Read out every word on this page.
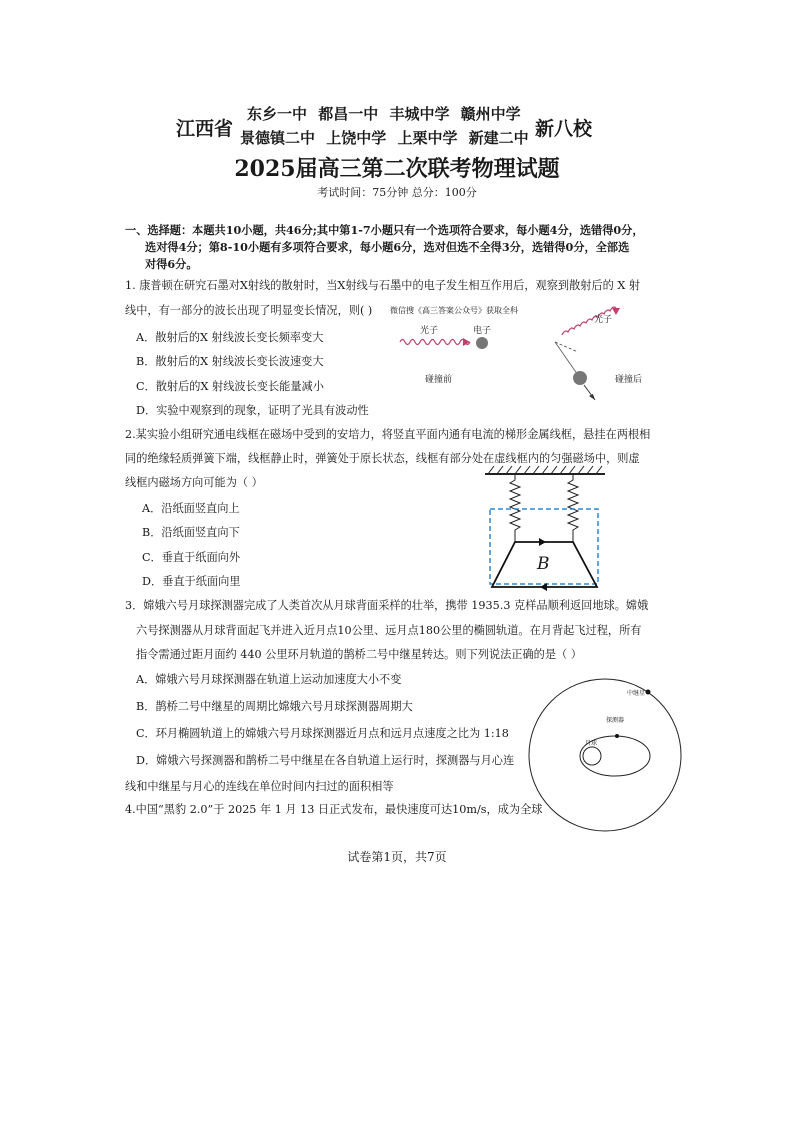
江西省
东乡一中 都昌一中 丰城中学 赣州中学
景德镇二中 上饶中学 上栗中学 新建二中 新八校
2025届高三第二次联考物理试题
考试时间：75分钟 总分：100分
一、选择题：本题共10小题，共46分;其中第1-7小题只有一个选项符合要求，每小题4分，选错得0分，
选对得4分；第8-10小题有多项符合要求，每小题6分，选对但选不全得3分，选错得0分，全部选
对得6分。
1. 康普顿在研究石墨对X射线的散射时，当X射线与石墨中的电子发生相互作用后，观察到散射后的 X 射
线中，有一部分的波长出现了明显变长情况，则( ) 微信搜《高三答案公众号》获取全科
A．散射后的X 射线波长变长频率变大
B．散射后的X 射线波长变长波速变大
C．散射后的X 射线波长变长能量减小
D．实验中观察到的现象，证明了光具有波动性
光子	电子
碰撞前	碰撞后
光子
2.某实验小组研究通电线框在磁场中受到的安培力，将竖直平面内通有电流的梯形金属线框，悬挂在两根相
同的绝缘轻质弹簧下端，线框静止时，弹簧处于原长状态，线框有部分处在虚线框内的匀强磁场中，则虚
线框内磁场方向可能为（ ）
A．沿纸面竖直向上
B．沿纸面竖直向下
C．垂直于纸面向外
D．垂直于纸面向里
B
3．嫦娥六号月球探测器完成了人类首次从月球背面采样的壮举，携带 1935.3 克样品顺利返回地球。嫦娥
六号探测器从月球背面起飞并进入近月点10公里、远月点180公里的椭圆轨道。在月背起飞过程，所有
指令需通过距月面约 440 公里环月轨道的鹊桥二号中继星转达。则下列说法正确的是（ ）
A．嫦娥六号月球探测器在轨道上运动加速度大小不变
B．鹊桥二号中继星的周期比嫦娥六号月球探测器周期大
C．环月椭圆轨道上的嫦娥六号月球探测器近月点和远月点速度之比为 1:18
D．嫦娥六号探测器和鹊桥二号中继星在各自轨道上运行时，探测器与月心连
线和中继星与月心的连线在单位时间内扫过的面积相等
中继星
探测器
月球
4.中国“黑豹 2.0”于 2025 年 1 月 13 日正式发布，最快速度可达10m/s，成为全球
试卷第1页，共7页
